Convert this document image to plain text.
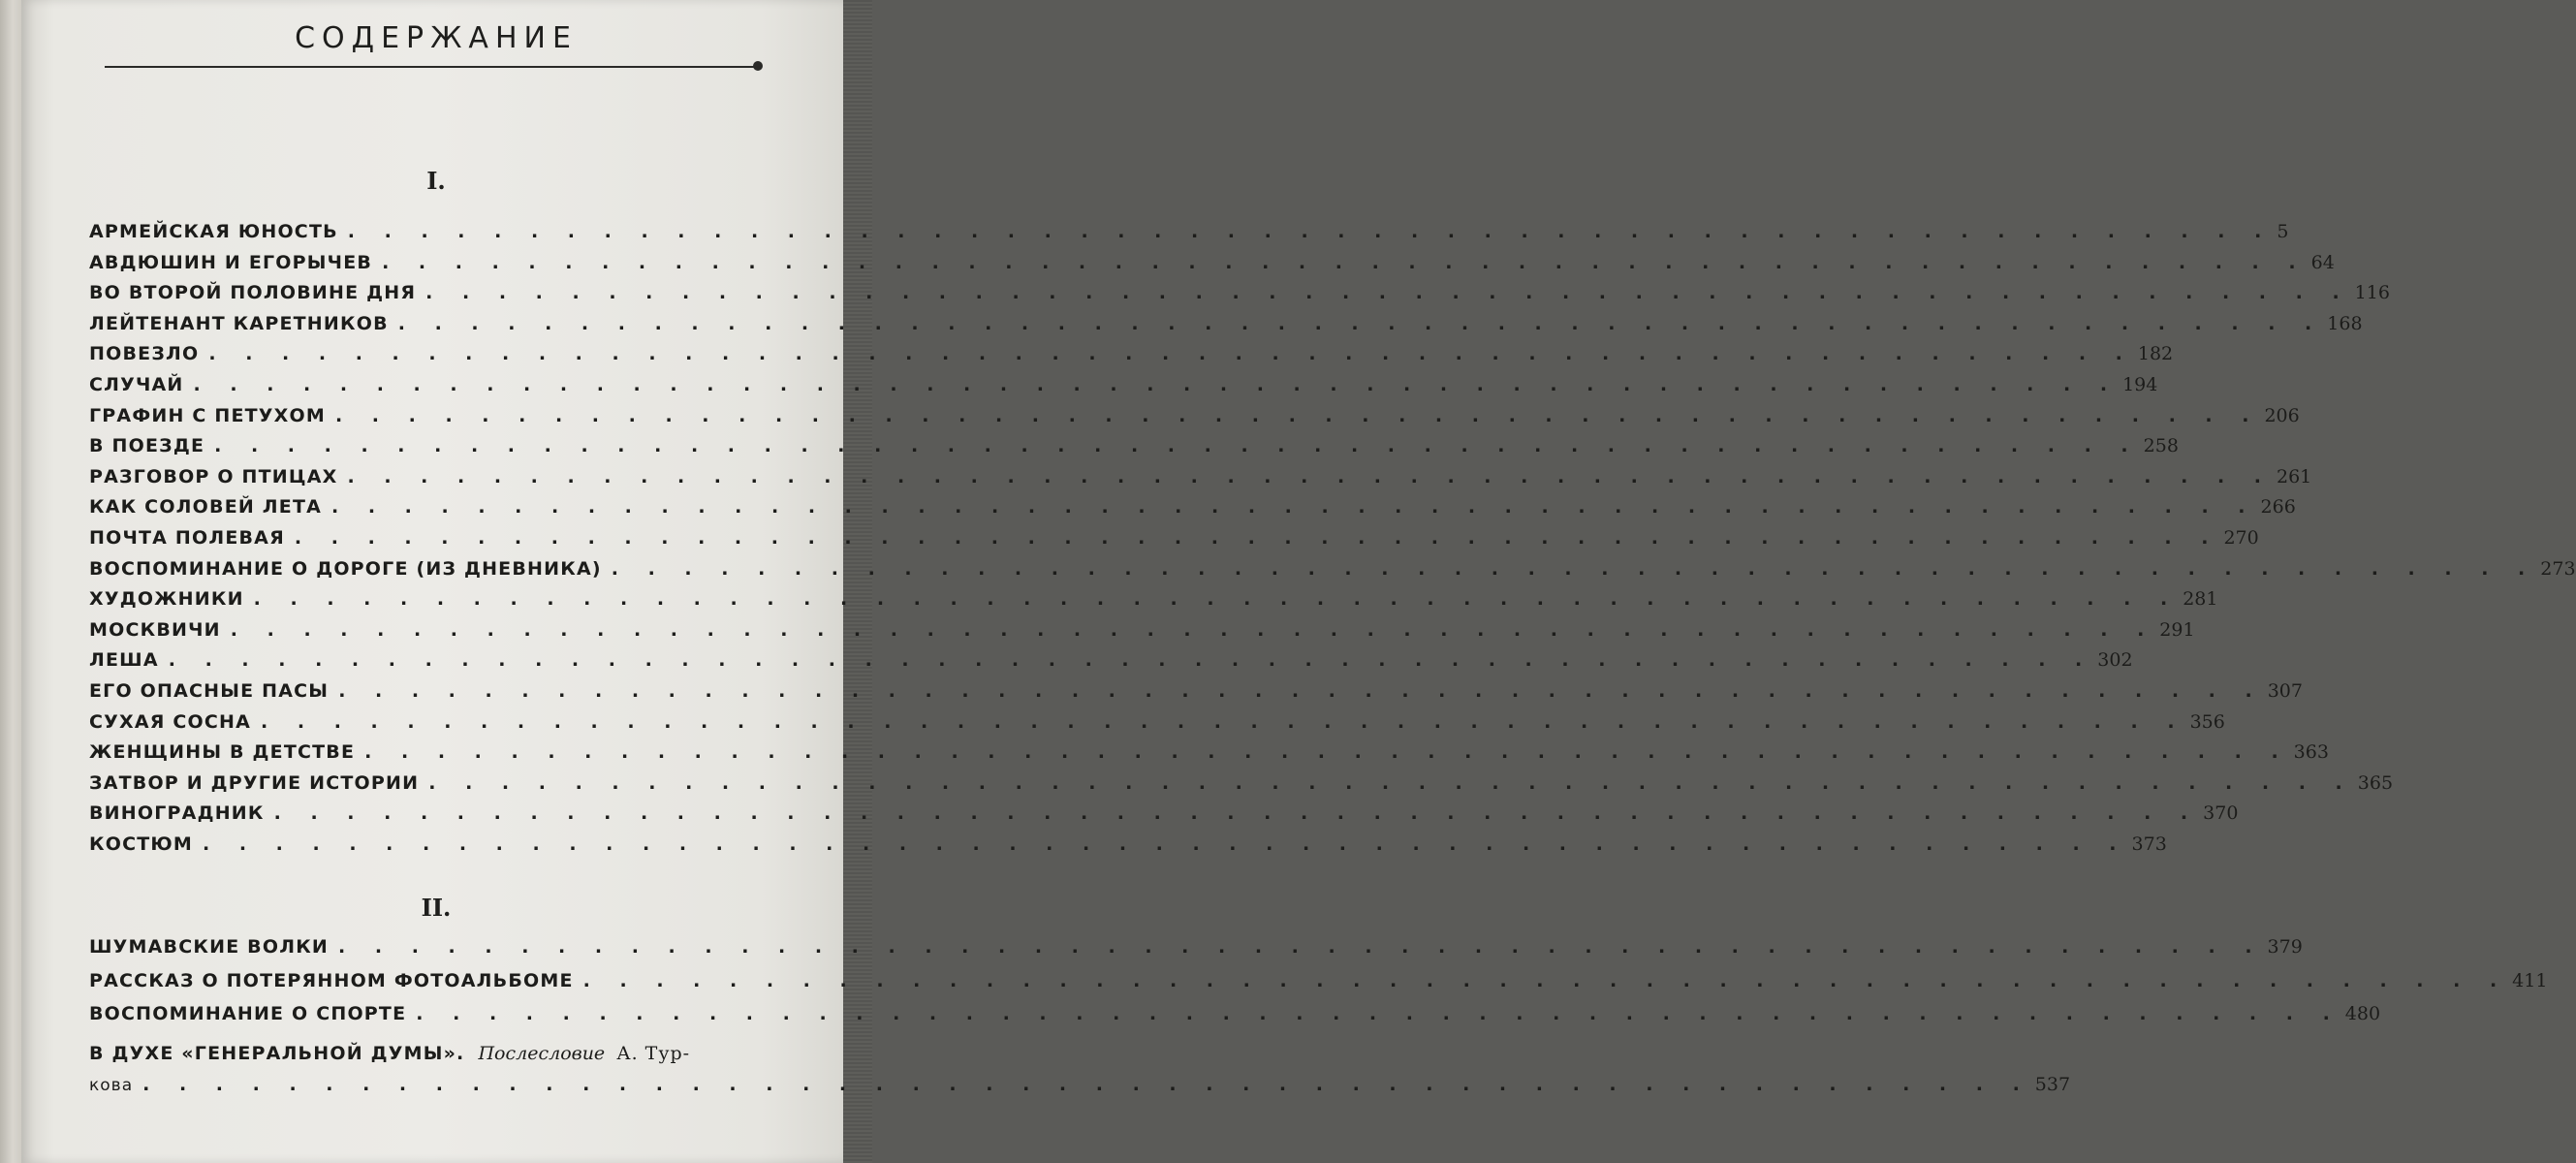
СОДЕРЖАНИЕ
I.
АРМЕЙСКАЯ ЮНОСТЬ . . . . . . . . . . . . . . . . . . . . . . . . . . . . . . . . . . . . . . . . . . . . . . . . . . . . . 5
АВДЮШИН И ЕГОРЫЧЕВ . . . . . . . . . . . . . . . . . . . . . . . . . . . . . . . . . . . . . . . . . . . . . . . . . . . . . 64
ВО ВТОРОЙ ПОЛОВИНЕ ДНЯ . . . . . . . . . . . . . . . . . . . . . . . . . . . . . . . . . . . . . . . . . . . . . . . . . . . . . 116
ЛЕЙТЕНАНТ КАРЕТНИКОВ . . . . . . . . . . . . . . . . . . . . . . . . . . . . . . . . . . . . . . . . . . . . . . . . . . . . . 168
ПОВЕЗЛО . . . . . . . . . . . . . . . . . . . . . . . . . . . . . . . . . . . . . . . . . . . . . . . . . . . . . 182
СЛУЧАЙ . . . . . . . . . . . . . . . . . . . . . . . . . . . . . . . . . . . . . . . . . . . . . . . . . . . . . 194
ГРАФИН С ПЕТУХОМ . . . . . . . . . . . . . . . . . . . . . . . . . . . . . . . . . . . . . . . . . . . . . . . . . . . . . 206
В ПОЕЗДЕ . . . . . . . . . . . . . . . . . . . . . . . . . . . . . . . . . . . . . . . . . . . . . . . . . . . . . 258
РАЗГОВОР О ПТИЦАХ . . . . . . . . . . . . . . . . . . . . . . . . . . . . . . . . . . . . . . . . . . . . . . . . . . . . . 261
КАК СОЛОВЕЙ ЛЕТА . . . . . . . . . . . . . . . . . . . . . . . . . . . . . . . . . . . . . . . . . . . . . . . . . . . . . 266
ПОЧТА ПОЛЕВАЯ . . . . . . . . . . . . . . . . . . . . . . . . . . . . . . . . . . . . . . . . . . . . . . . . . . . . . 270
ВОСПОМИНАНИЕ О ДОРОГЕ (ИЗ ДНЕВНИКА) . . . . . . . . . . . . . . . . . . . . . . . . . . . . . . . . . . . . . . . . . . . . . . . . . . . . . 273
ХУДОЖНИКИ . . . . . . . . . . . . . . . . . . . . . . . . . . . . . . . . . . . . . . . . . . . . . . . . . . . . . 281
МОСКВИЧИ . . . . . . . . . . . . . . . . . . . . . . . . . . . . . . . . . . . . . . . . . . . . . . . . . . . . . 291
ЛЕША . . . . . . . . . . . . . . . . . . . . . . . . . . . . . . . . . . . . . . . . . . . . . . . . . . . . . 302
ЕГО ОПАСНЫЕ ПАСЫ . . . . . . . . . . . . . . . . . . . . . . . . . . . . . . . . . . . . . . . . . . . . . . . . . . . . . 307
СУХАЯ СОСНА . . . . . . . . . . . . . . . . . . . . . . . . . . . . . . . . . . . . . . . . . . . . . . . . . . . . . 356
ЖЕНЩИНЫ В ДЕТСТВЕ . . . . . . . . . . . . . . . . . . . . . . . . . . . . . . . . . . . . . . . . . . . . . . . . . . . . . 363
ЗАТВОР И ДРУГИЕ ИСТОРИИ . . . . . . . . . . . . . . . . . . . . . . . . . . . . . . . . . . . . . . . . . . . . . . . . . . . . . 365
ВИНОГРАДНИК . . . . . . . . . . . . . . . . . . . . . . . . . . . . . . . . . . . . . . . . . . . . . . . . . . . . . 370
КОСТЮМ . . . . . . . . . . . . . . . . . . . . . . . . . . . . . . . . . . . . . . . . . . . . . . . . . . . . . 373
II.
ШУМАВСКИЕ ВОЛКИ . . . . . . . . . . . . . . . . . . . . . . . . . . . . . . . . . . . . . . . . . . . . . . . . . . . . . 379
РАССКАЗ О ПОТЕРЯННОМ ФОТОАЛЬБОМЕ . . . . . . . . . . . . . . . . . . . . . . . . . . . . . . . . . . . . . . . . . . . . . . . . . . . . . 411
ВОСПОМИНАНИЕ О СПОРТЕ . . . . . . . . . . . . . . . . . . . . . . . . . . . . . . . . . . . . . . . . . . . . . . . . . . . . . 480
В ДУХЕ «ГЕНЕРАЛЬНОЙ ДУМЫ». Послесловие А. Тур-
кова . . . . . . . . . . . . . . . . . . . . . . . . . . . . . . . . . . . . . . . . . . . . . . . . . . . . 537
